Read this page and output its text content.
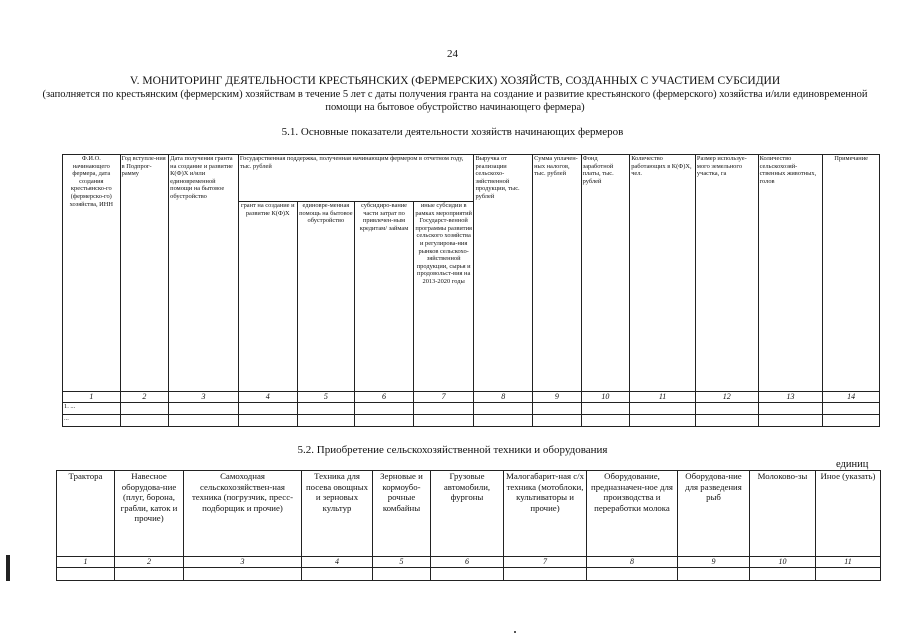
24
V. МОНИТОРИНГ ДЕЯТЕЛЬНОСТИ КРЕСТЬЯНСКИХ (ФЕРМЕРСКИХ) ХОЗЯЙСТВ, СОЗДАННЫХ С УЧАСТИЕМ СУБСИДИИ
(заполняется по крестьянским (фермерским) хозяйствам в течение 5 лет с даты получения гранта на создание и развитие крестьянского (фермерского) хозяйства и/или единовременной помощи на бытовое обустройство начинающего фермера)
5.1. Основные показатели деятельности хозяйств начинающих фермеров
Ф.И.О. начинающего фермера, дата создания крестьянско-го (фермерско-го) хозяйства, ИНН	Год вступле-ния в Подпрог-рамму	Дата получения гранта на создание и развитие К(Ф)Х и/или единовременной помощи на бытовое обустройство	Государственная поддержка, полученная начинающим фермером в отчетном году, тыс. рублей				Выручка от реализации сельскохо-зяйственной продукции, тыс. рублей	Сумма уплачен-ных налогов, тыс. рублей	Фонд заработной платы, тыс. рублей	Количество работающих в К(Ф)Х, чел.	Размер используе-мого земельного участка, га	Количество сельскохозяй-ственных животных, голов	Примечание
			грант на создание и развитие К(Ф)Х	единовре-менная помощь на бытовое обустройство	субсидиро-вание части затрат по привлечен-ным кредитам/ займам	иные субсидии в рамках мероприятий Государст-венной программы развития сельского хозяйства и регулирова-ния рынков сельскохо-зяйственной продукции, сырья и продовольст-вия на 2013-2020 годы							
1	2	3	4	5	6	7	8	9	10	11	12	13	14
1. ...													
...													
5.2. Приобретение сельскохозяйственной техники и оборудования
единиц
Трактора	Навесное оборудова-ние (плуг, борона, грабли, каток и прочие)	Самоходная сельскохозяйствен-ная техника (погрузчик, пресс-подборщик и прочие)	Техника для посева овощных и зерновых культур	Зерновые и кормоубо-рочные комбайны	Грузовые автомобили, фургоны	Малогабарит-ная с/х техника (мотоблоки, культиваторы и прочие)	Оборудование, предназначен-ное для производства и переработки молока	Оборудова-ние для разведения рыб	Молоково-зы	Иное (указать)
1	2	3	4	5	6	7	8	9	10	11
